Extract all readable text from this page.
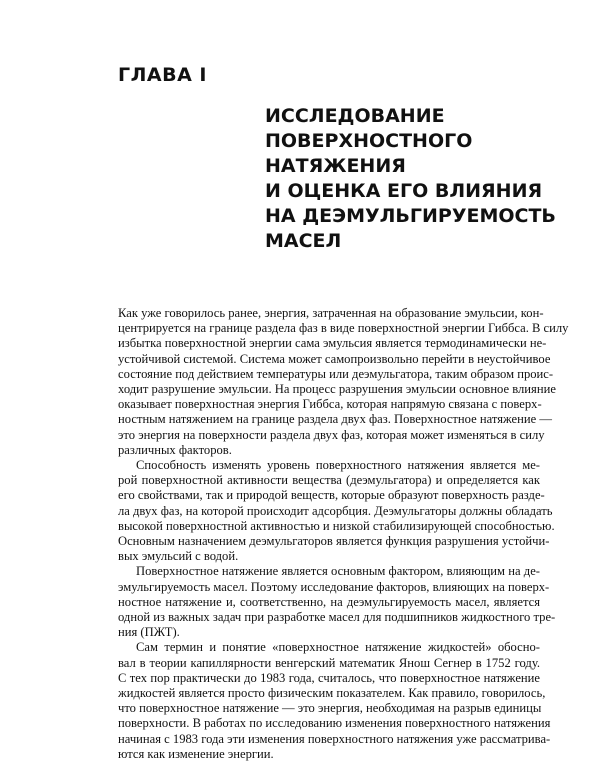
ГЛАВА I
ИССЛЕДОВАНИЕ
ПОВЕРХНОСТНОГО
НАТЯЖЕНИЯ
И ОЦЕНКА ЕГО ВЛИЯНИЯ
НА ДЕЭМУЛЬГИРУЕМОСТЬ
МАСЕЛ

Как уже говорилось ранее, энергия, затраченная на образование эмульсии, кон-
центрируется на границе раздела фаз в виде поверхностной энергии Гиббса. В силу
избытка поверхностной энергии сама эмульсия является термодинамически не-
устойчивой системой. Система может самопроизвольно перейти в неустойчивое
состояние под действием температуры или деэмульгатора, таким образом проис-
ходит разрушение эмульсии. На процесс разрушения эмульсии основное влияние
оказывает поверхностная энергия Гиббса, которая напрямую связана с поверх-
ностным натяжением на границе раздела двух фаз. Поверхностное натяжение —
это энергия на поверхности раздела двух фаз, которая может изменяться в силу
различных факторов.

Способность изменять уровень поверхностного натяжения является ме-
рой поверхностной активности вещества (деэмульгатора) и определяется как
его свойствами, так и природой веществ, которые образуют поверхность разде-
ла двух фаз, на которой происходит адсорбция. Деэмульгаторы должны обладать
высокой поверхностной активностью и низкой стабилизирующей способностью.
Основным назначением деэмульгаторов является функция разрушения устойчи-
вых эмульсий с водой.

Поверхностное натяжение является основным фактором, влияющим на де-
эмульгируемость масел. Поэтому исследование факторов, влияющих на поверх-
ностное натяжение и, соответственно, на деэмульгируемость масел, является
одной из важных задач при разработке масел для подшипников жидкостного тре-
ния (ПЖТ).

Сам термин и понятие «поверхностное натяжение жидкостей» обосно-
вал в теории капиллярности венгерский математик Янош Сегнер в 1752 году.
С тех пор практически до 1983 года, считалось, что поверхностное натяжение
жидкостей является просто физическим показателем. Как правило, говорилось,
что поверхностное натяжение — это энергия, необходимая на разрыв единицы
поверхности. В работах по исследованию изменения поверхностного натяжения
начиная с 1983 года эти изменения поверхностного натяжения уже рассматрива-
ются как изменение энергии.
